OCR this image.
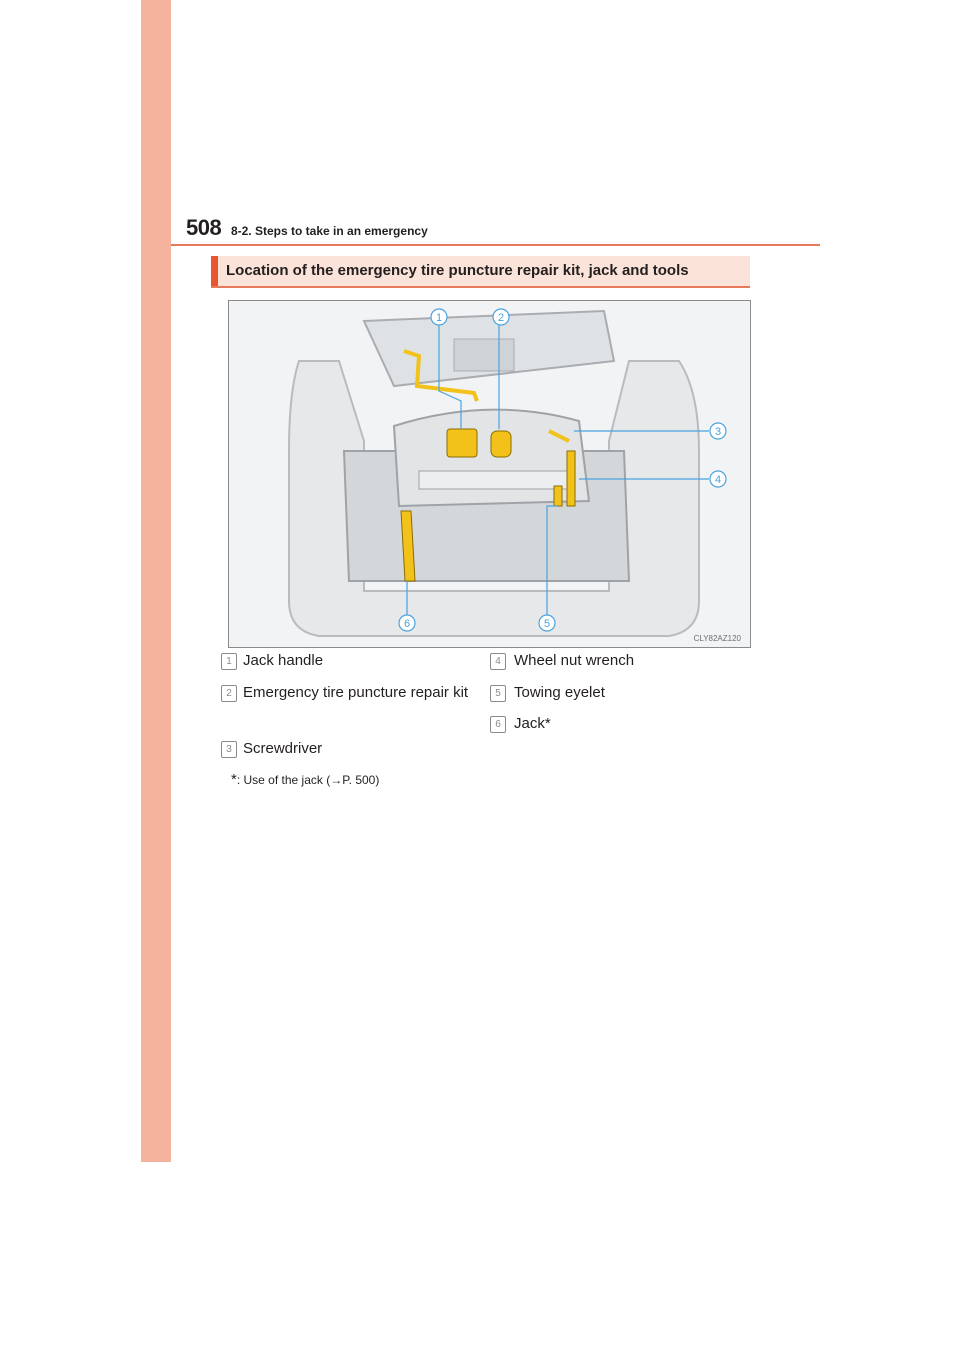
508 8-2. Steps to take in an emergency
Location of the emergency tire puncture repair kit, jack and tools
1	2
3
4
5
6
CLY82AZ120
1 Jack handle
2 Emergency tire puncture repair kit
3 Screwdriver
4 Wheel nut wrench
5 Towing eyelet
6 Jack*
*: Use of the jack (→P. 500)
